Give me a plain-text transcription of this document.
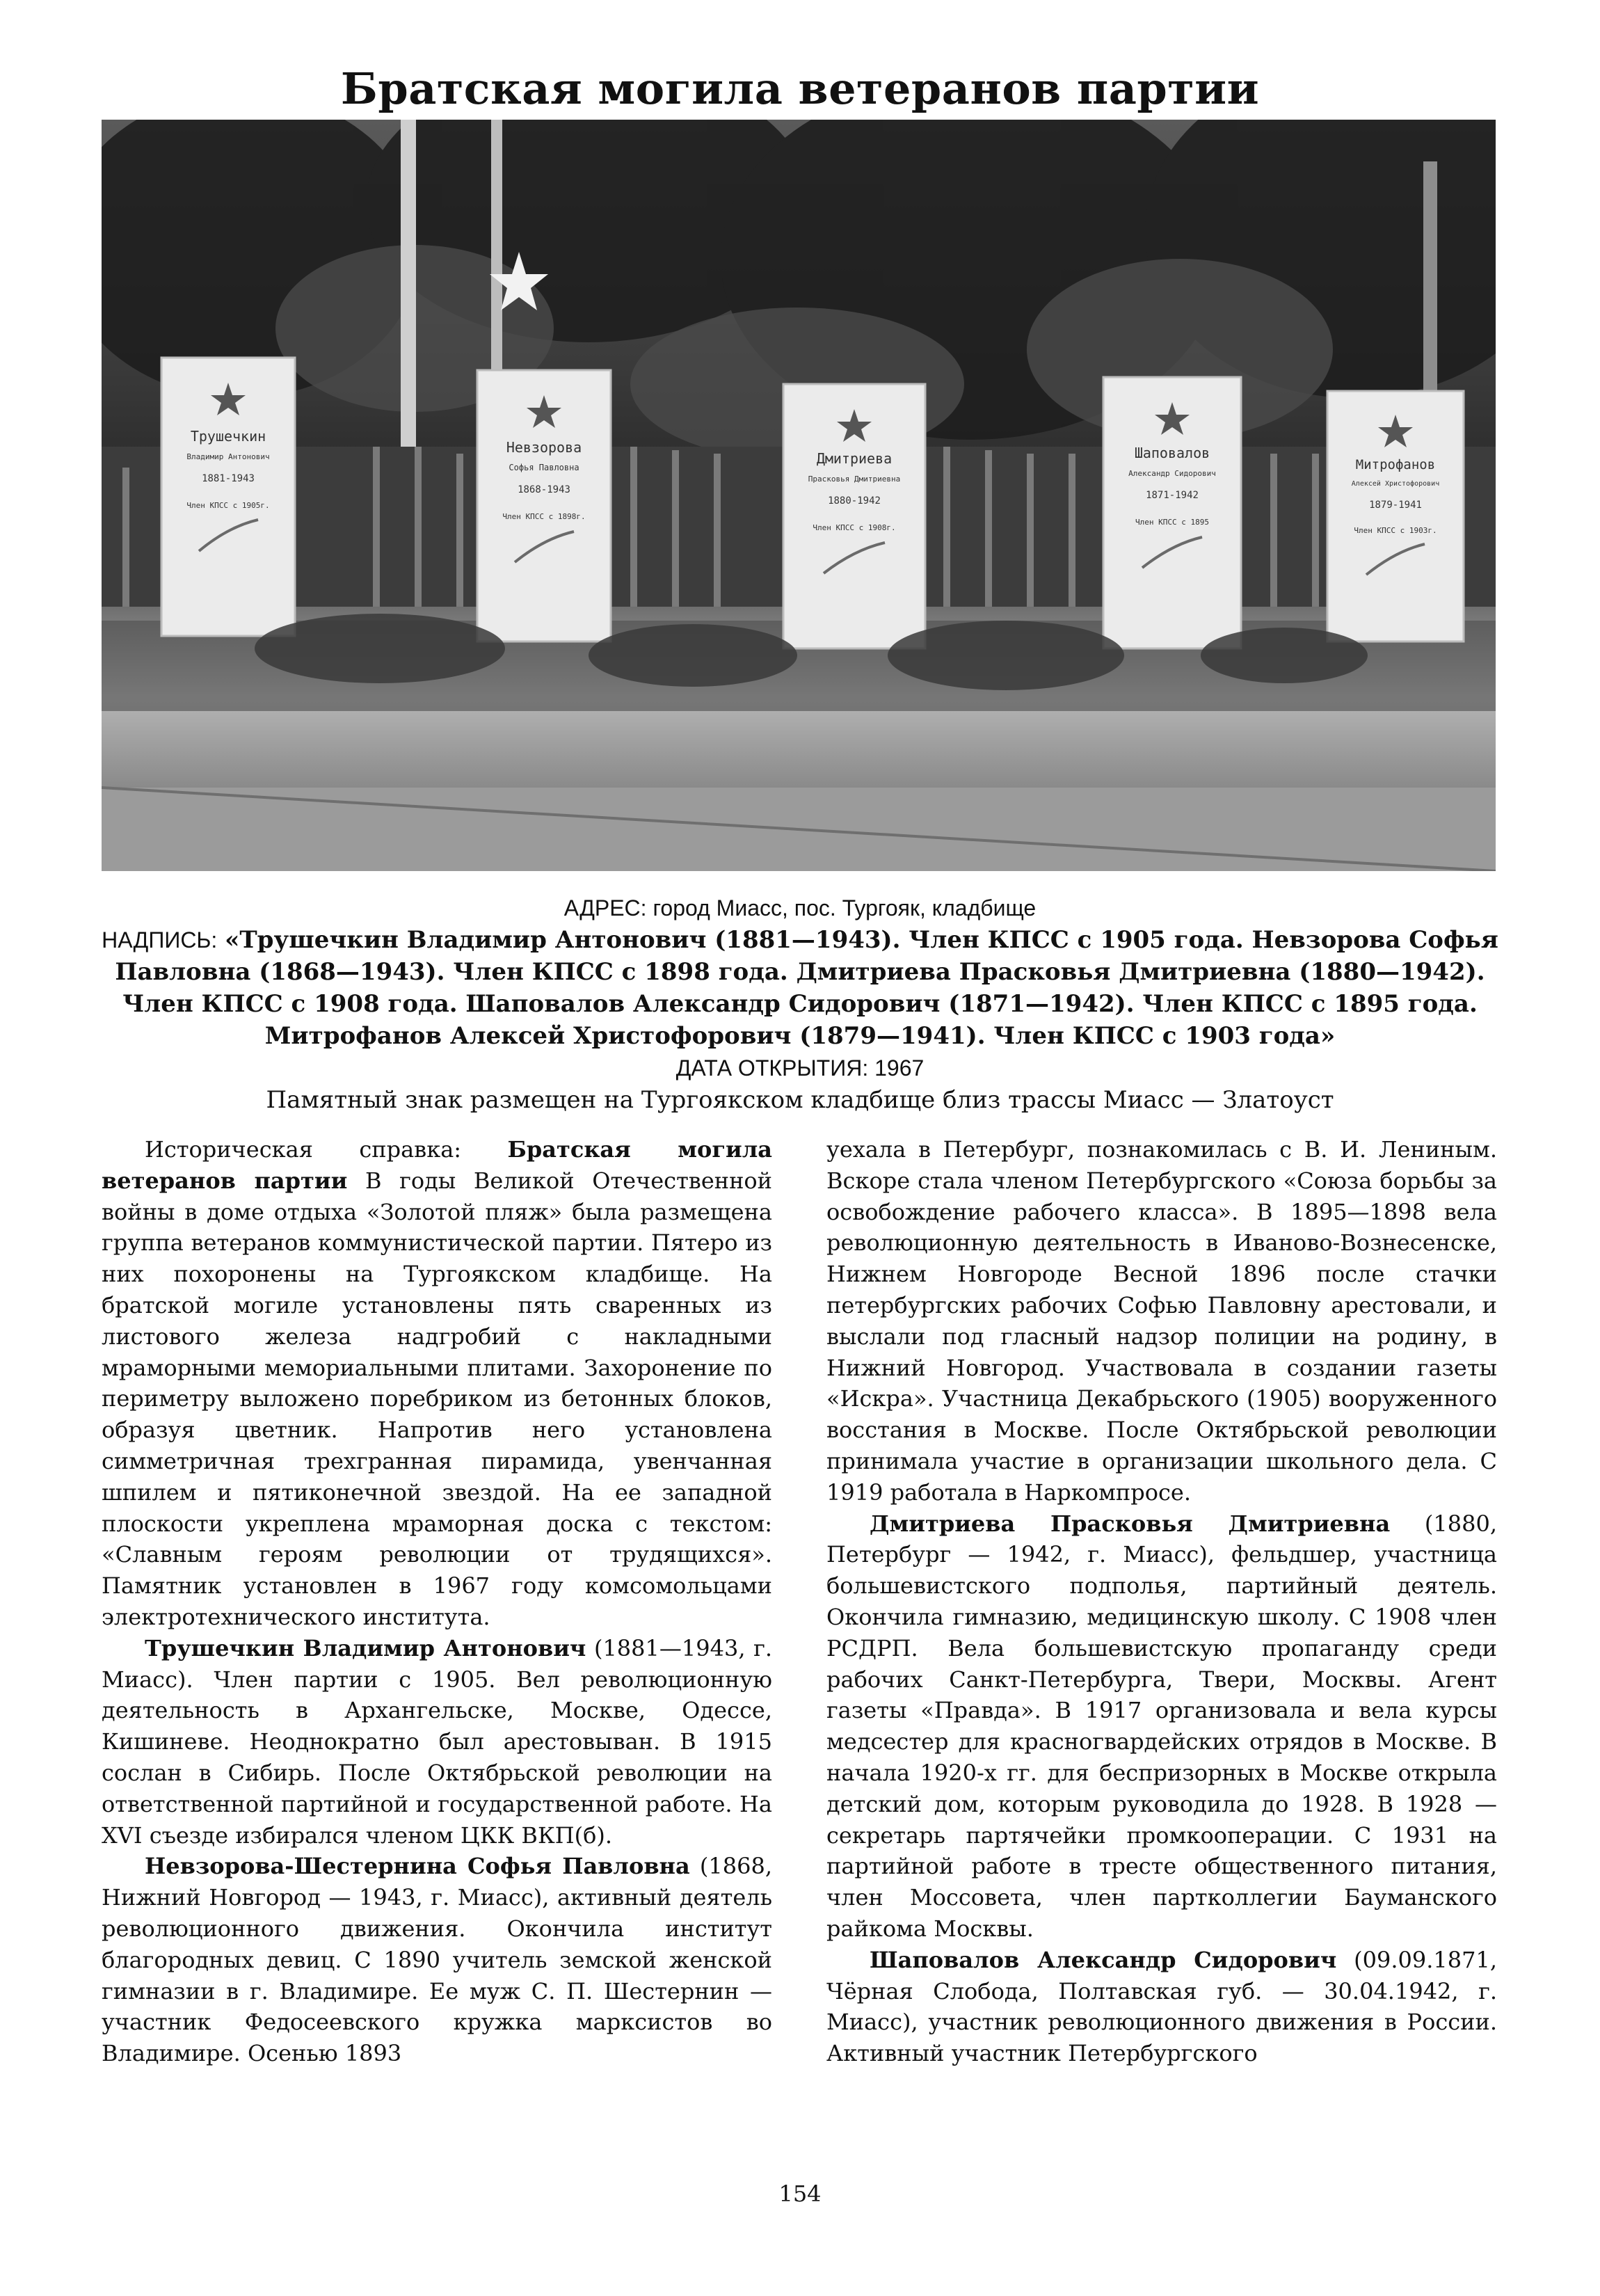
Братская могила ветеранов партии
Трушечкин
Владимир Антонович
1881-1943
Член КПСС с 1905г.
Невзорова
Софья Павловна
1868-1943
Член КПСС с 1898г.
Дмитриева
Прасковья Дмитриевна
1880-1942
Член КПСС с 1908г.
Шаповалов
Александр Сидорович
1871-1942
Член КПСС с 1895
Митрофанов
Алексей Христофорович
1879-1941
Член КПСС с 1903г.

АДРЕС: город Миасс, пос. Тургояк, кладбище

НАДПИСЬ: «Трушечкин Владимир Антонович (1881—1943). Член КПСС с 1905 года. Невзорова Софья Павловна (1868—1943). Член КПСС с 1898 года. Дмитриева Прасковья Дмитриевна (1880—1942). Член КПСС с 1908 года. Шаповалов Александр Сидорович (1871—1942). Член КПСС с 1895 года. Митрофанов Алексей Христофорович (1879—1941). Член КПСС с 1903 года»

ДАТА ОТКРЫТИЯ: 1967

Памятный знак размещен на Тургоякском кладбище близ трассы Миасс — Златоуст

Историческая справка: Братская могила ветеранов партии В годы Великой Отечественной войны в доме отдыха «Золотой пляж» была размещена группа ветеранов коммунистической партии. Пятеро из них похоронены на Тургоякском кладбище. На братской могиле установлены пять сваренных из листового железа надгробий с накладными мраморными мемориальными плитами. Захоронение по периметру выложено поребриком из бетонных блоков, образуя цветник. Напротив него установлена симметричная трехгранная пирамида, увенчанная шпилем и пятиконечной звездой. На ее западной плоскости укреплена мраморная доска с текстом: «Славным героям революции от трудящихся». Памятник установлен в 1967 году комсомольцами электротехнического института.

Трушечкин Владимир Антонович (1881—1943, г. Миасс). Член партии с 1905. Вел революционную деятельность в Архангельске, Москве, Одессе, Кишиневе. Неоднократно был арестовыван. В 1915 сослан в Сибирь. После Октябрьской революции на ответственной партийной и государственной работе. На XVI съезде избирался членом ЦКК ВКП(б).

Невзорова-Шестернина Софья Павловна (1868, Нижний Новгород — 1943, г. Миасс), активный деятель революционного движения. Окончила институт благородных девиц. С 1890 учитель земской женской гимназии в г. Владимире. Ее муж С. П. Шестернин — участник Федосеевского кружка марксистов во Владимире. Осенью 1893

уехала в Петербург, познакомилась с В. И. Лениным. Вскоре стала членом Петербургского «Союза борьбы за освобождение рабочего класса». В 1895—1898 вела революционную деятельность в Иваново-Вознесенске, Нижнем Новгороде Весной 1896 после стачки петербургских рабочих Софью Павловну арестовали, и выслали под гласный надзор полиции на родину, в Нижний Новгород. Участвовала в создании газеты «Искра». Участница Декабрьского (1905) вооруженного восстания в Москве. После Октябрьской революции принимала участие в организации школьного дела. С 1919 работала в Наркомпросе.

Дмитриева Прасковья Дмитриевна (1880, Петербург — 1942, г. Миасс), фельдшер, участница большевистского подполья, партийный деятель. Окончила гимназию, медицинскую школу. С 1908 член РСДРП. Вела большевистскую пропаганду среди рабочих Санкт-Петербурга, Твери, Москвы. Агент газеты «Правда». В 1917 организовала и вела курсы медсестер для красногвардейских отрядов в Москве. В начала 1920-х гг. для беспризорных в Москве открыла детский дом, которым руководила до 1928. В 1928 — секретарь партячейки промкооперации. С 1931 на партийной работе в тресте общественного питания, член Моссовета, член партколлегии Бауманского райкома Москвы.

Шаповалов Александр Сидорович (09.09.1871, Чёрная Слобода, Полтавская губ. — 30.04.1942, г. Миасс), участник революционного движения в России. Активный участник Петербургского

154
